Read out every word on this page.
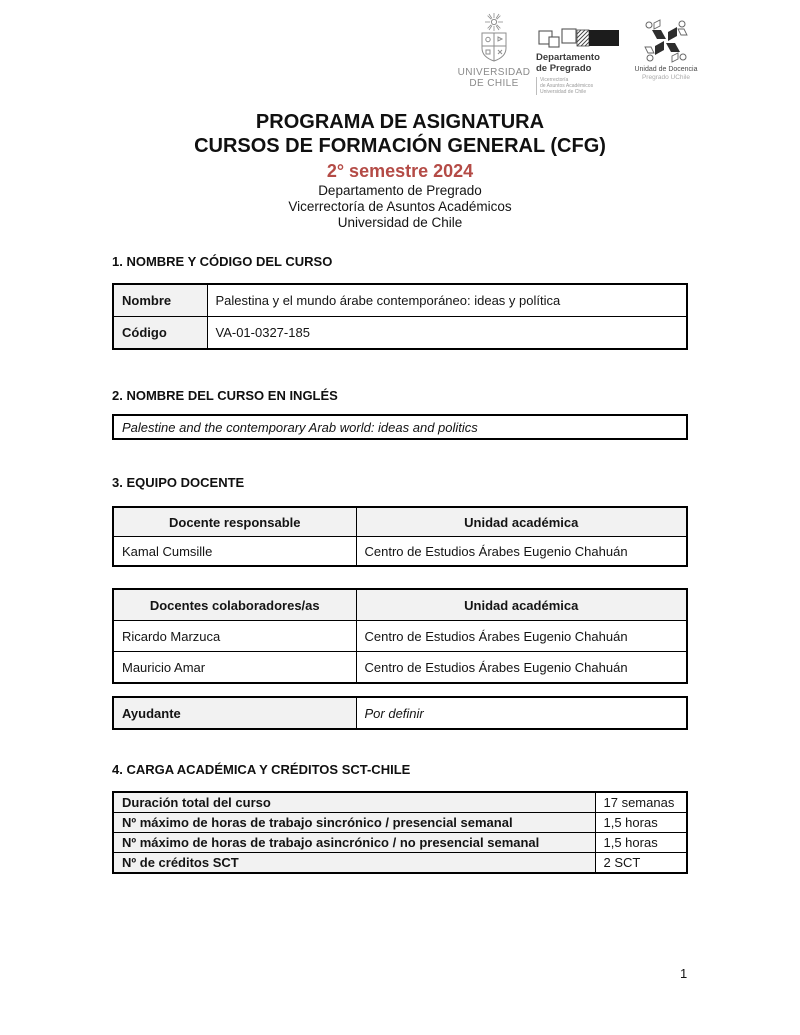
UNIVERSIDAD
DE CHILE
Departamento
de Pregrado
Vicerrectoría
de Asuntos Académicos
Universidad de Chile
Unidad de Docencia
Pregrado UChile
PROGRAMA DE ASIGNATURA
CURSOS DE FORMACIÓN GENERAL (CFG)
2° semestre 2024
Departamento de Pregrado
Vicerrectoría de Asuntos Académicos
Universidad de Chile
1. NOMBRE Y CÓDIGO DEL CURSO
Nombre	Palestina y el mundo árabe contemporáneo: ideas y política
Código	VA-01-0327-185
2. NOMBRE DEL CURSO EN INGLÉS
Palestine and the contemporary Arab world: ideas and politics
3. EQUIPO DOCENTE
Docente responsable	Unidad académica
Kamal Cumsille	Centro de Estudios Árabes Eugenio Chahuán
Docentes colaboradores/as	Unidad académica
Ricardo Marzuca	Centro de Estudios Árabes Eugenio Chahuán
Mauricio Amar	Centro de Estudios Árabes Eugenio Chahuán
Ayudante	Por definir
4. CARGA ACADÉMICA Y CRÉDITOS SCT-CHILE
Duración total del curso	17 semanas
Nº máximo de horas de trabajo sincrónico / presencial semanal	1,5 horas
Nº máximo de horas de trabajo asincrónico / no presencial semanal	1,5 horas
Nº de créditos SCT	2 SCT
1
